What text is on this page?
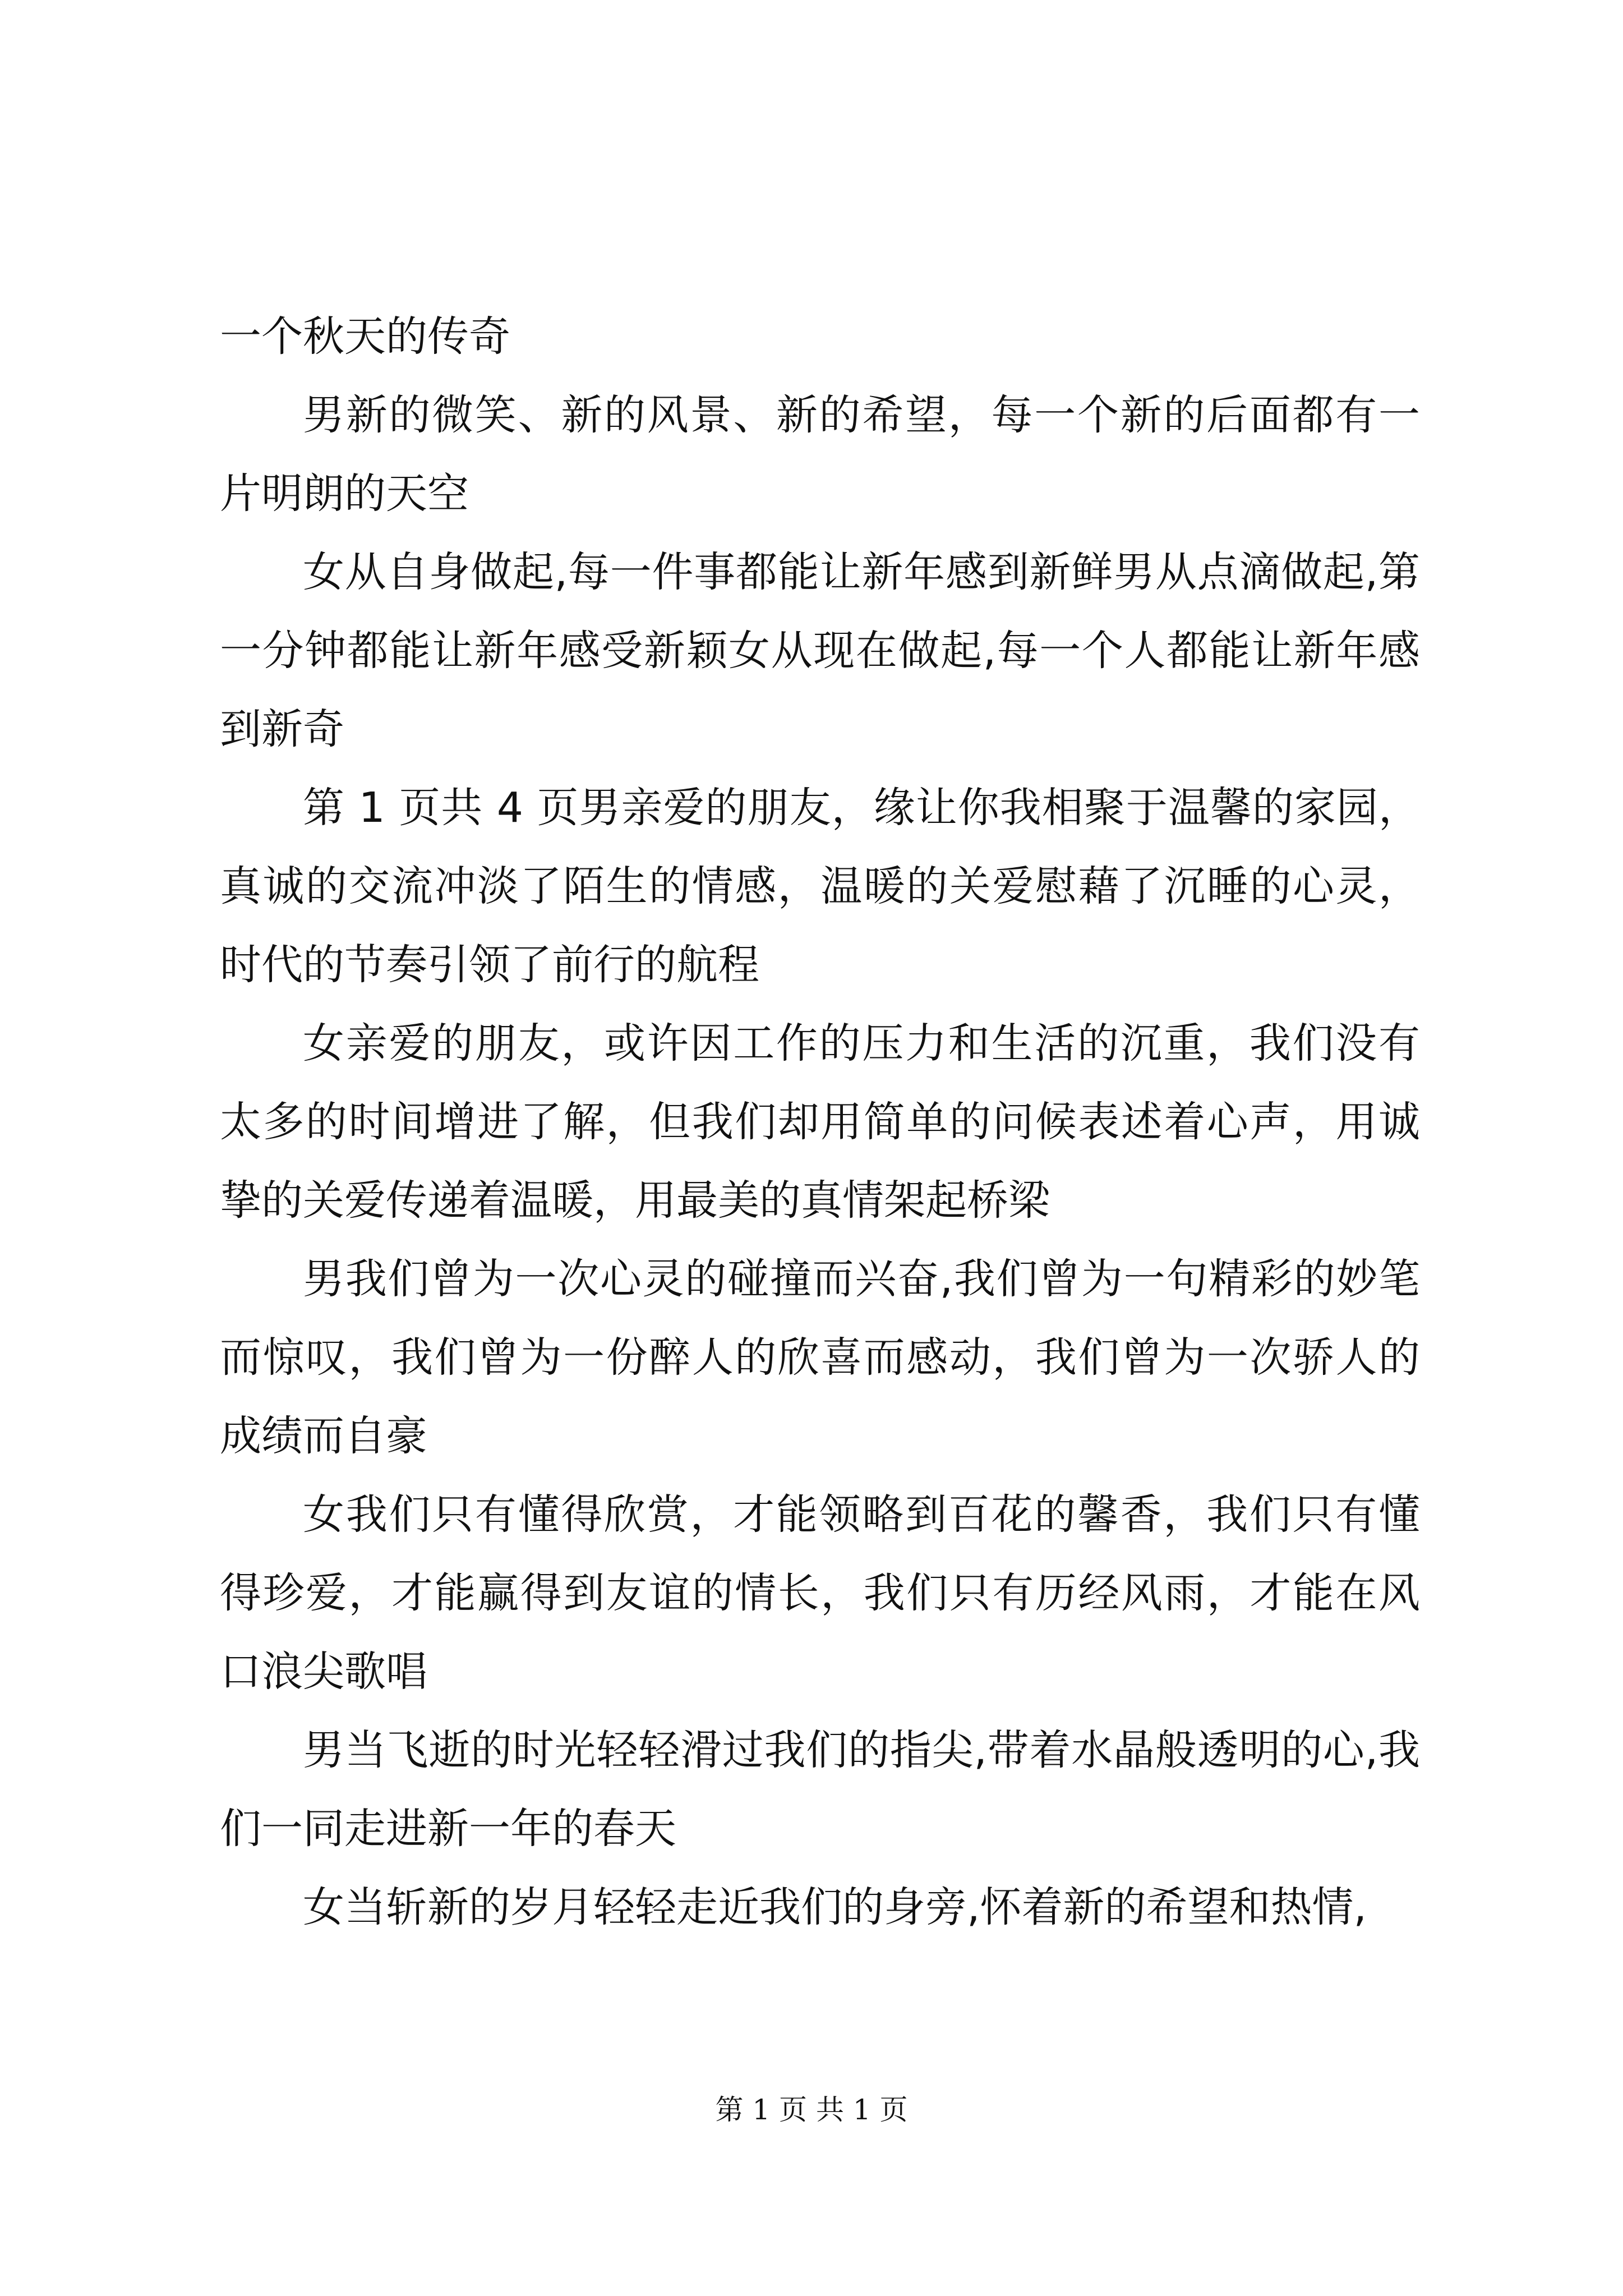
一个秋天的传奇

男新的微笑、新的风景、新的希望，每一个新的后面都有一片明朗的天空

女从自身做起,每一件事都能让新年感到新鲜男从点滴做起,第一分钟都能让新年感受新颖女从现在做起,每一个人都能让新年感到新奇

第 1 页共 4 页男亲爱的朋友，缘让你我相聚于温馨的家园，真诚的交流冲淡了陌生的情感，温暖的关爱慰藉了沉睡的心灵，时代的节奏引领了前行的航程

女亲爱的朋友，或许因工作的压力和生活的沉重，我们没有太多的时间增进了解，但我们却用简单的问候表述着心声，用诚挚的关爱传递着温暖，用最美的真情架起桥梁

男我们曾为一次心灵的碰撞而兴奋,我们曾为一句精彩的妙笔而惊叹，我们曾为一份醉人的欣喜而感动，我们曾为一次骄人的成绩而自豪

女我们只有懂得欣赏，才能领略到百花的馨香，我们只有懂得珍爱，才能赢得到友谊的情长，我们只有历经风雨，才能在风口浪尖歌唱

男当飞逝的时光轻轻滑过我们的指尖,带着水晶般透明的心,我们一同走进新一年的春天

女当斩新的岁月轻轻走近我们的身旁,怀着新的希望和热情,

第 1 页 共 1 页
